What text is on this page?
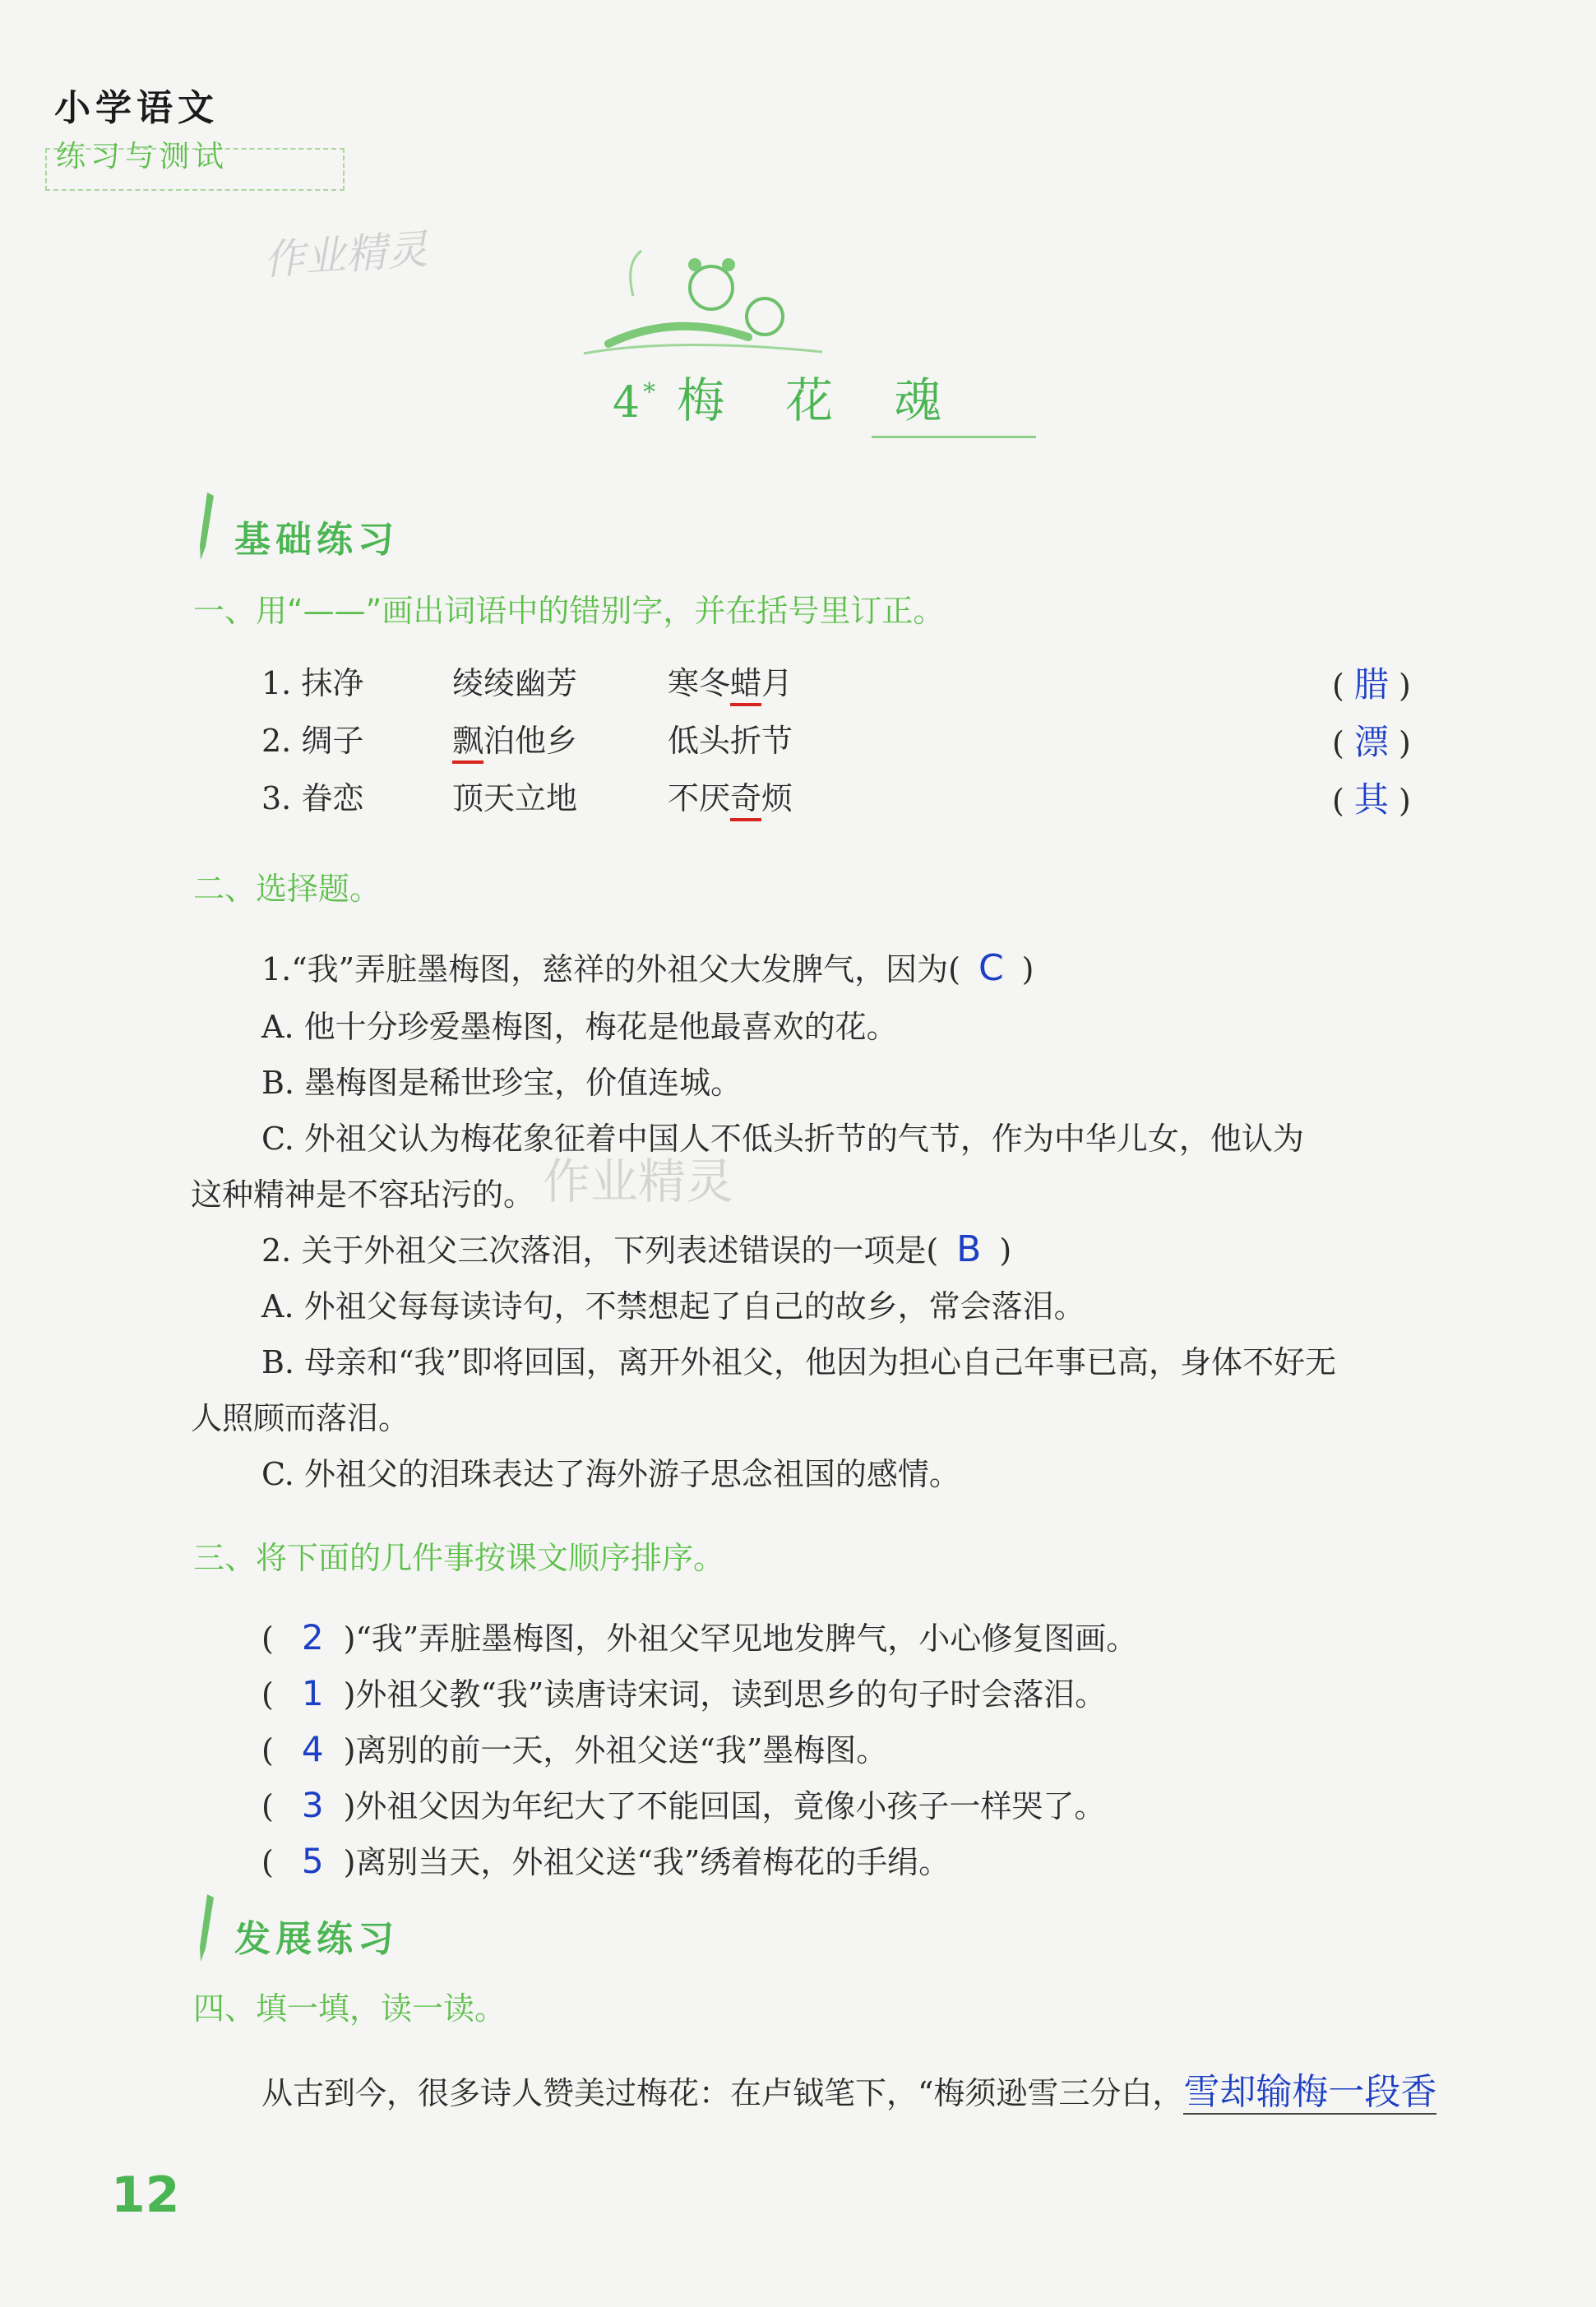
小学语文
练习与测试
作业精灵
4* 梅 花 魂
基础练习
一、用“——”画出词语中的错别字，并在括号里订正。
1. 抹净	绫绫幽芳	寒冬蜡月	( 腊 )
2. 绸子	飘泊他乡	低头折节	( 漂 )
3. 眷恋	顶天立地	不厌奇烦	( 其 )
二、选择题。
1.“我”弄脏墨梅图，慈祥的外祖父大发脾气，因为( C )
A. 他十分珍爱墨梅图，梅花是他最喜欢的花。
B. 墨梅图是稀世珍宝，价值连城。
C. 外祖父认为梅花象征着中国人不低头折节的气节，作为中华儿女，他认为
这种精神是不容玷污的。 作业精灵
2. 关于外祖父三次落泪，下列表述错误的一项是( B )
A. 外祖父每每读诗句，不禁想起了自己的故乡，常会落泪。
B. 母亲和“我”即将回国，离开外祖父，他因为担心自己年事已高，身体不好无
人照顾而落泪。
C. 外祖父的泪珠表达了海外游子思念祖国的感情。
三、将下面的几件事按课文顺序排序。
( 2 )“我”弄脏墨梅图，外祖父罕见地发脾气，小心修复图画。
( 1 )外祖父教“我”读唐诗宋词，读到思乡的句子时会落泪。
( 4 )离别的前一天，外祖父送“我”墨梅图。
( 3 )外祖父因为年纪大了不能回国，竟像小孩子一样哭了。
( 5 )离别当天，外祖父送“我”绣着梅花的手绢。
发展练习
四、填一填，读一读。
从古到今，很多诗人赞美过梅花：在卢钺笔下，“梅须逊雪三分白，雪却输梅一段香
12
